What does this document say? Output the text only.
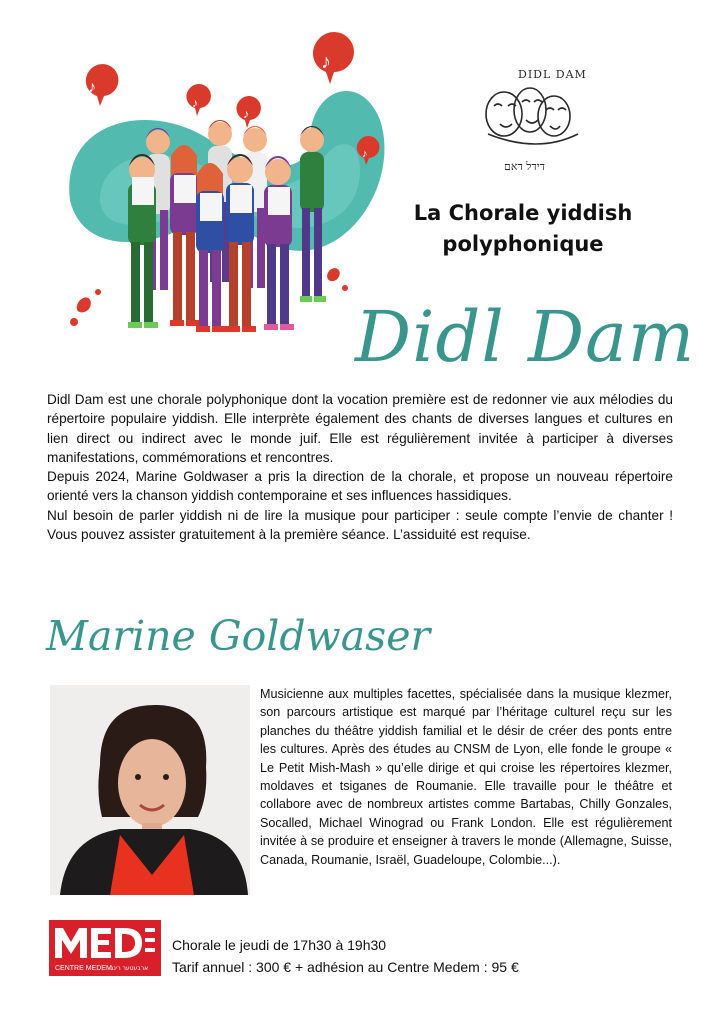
♪
♪
♪
♪
♪
DIDL DAM
דידל דאם
La Chorale yiddish
polyphonique
Didl Dam

Didl Dam est une chorale polyphonique dont la vocation première est de redonner vie aux mélodies du répertoire populaire yiddish. Elle interprète également des chants de diverses langues et cultures en lien direct ou indirect avec le monde juif. Elle est régulièrement invitée à participer à diverses manifestations, commémorations et rencontres.

Depuis 2024, Marine Goldwaser a pris la direction de la chorale, et propose un nouveau répertoire orienté vers la chanson yiddish contemporaine et ses influences hassidiques.

Nul besoin de parler yiddish ni de lire la musique pour participer : seule compte l’envie de chanter ! Vous pouvez assister gratuitement à la première séance. L’assiduité est requise.

Marine Goldwaser

Musicienne aux multiples facettes, spécialisée dans la musique klezmer, son parcours artistique est marqué par l’héritage culturel reçu sur les planches du théâtre yiddish familial et le désir de créer des ponts entre les cultures. Après des études au CNSM de Lyon, elle fonde le groupe « Le Petit Mish-Mash » qu’elle dirige et qui croise les répertoires klezmer, moldaves et tsiganes de Roumanie. Elle travaille pour le théâtre et collabore avec de nombreux artistes comme Bartabas, Chilly Gonzales, Socalled, Michael Winograd ou Frank London. Elle est régulièrement invitée à se produire et enseigner à travers le monde (Allemagne, Suisse, Canada, Roumanie, Israël, Guadeloupe, Colombie...).

CENTRE MEDEM ארבעטער רינג
Chorale le jeudi de 17h30 à 19h30
Tarif annuel : 300 € + adhésion au Centre Medem : 95 €
